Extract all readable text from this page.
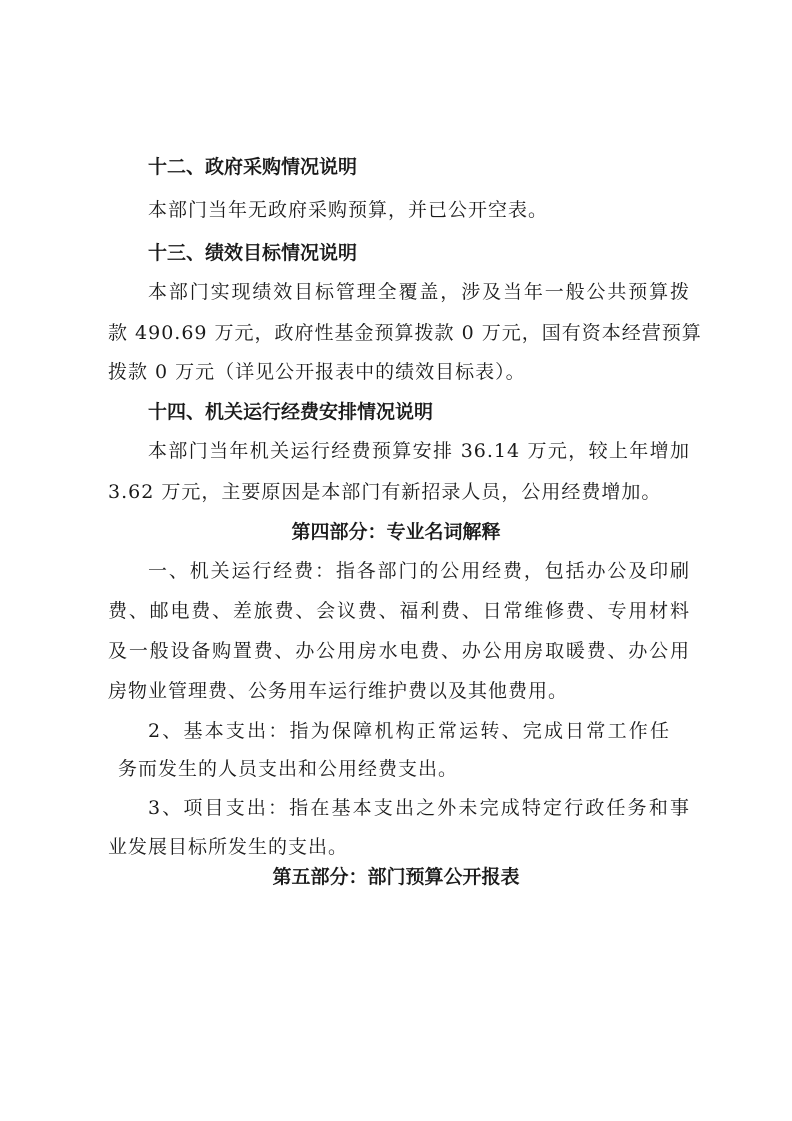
十二、政府采购情况说明

本部门当年无政府采购预算，并已公开空表。

十三、绩效目标情况说明

本部门实现绩效目标管理全覆盖，涉及当年一般公共预算拨

款 490.69 万元，政府性基金预算拨款 0 万元，国有资本经营预算

拨款 0 万元（详见公开报表中的绩效目标表）。

十四、机关运行经费安排情况说明

本部门当年机关运行经费预算安排 36.14 万元，较上年增加

3.62 万元，主要原因是本部门有新招录人员，公用经费增加。

第四部分：专业名词解释

一、机关运行经费：指各部门的公用经费，包括办公及印刷

费、邮电费、差旅费、会议费、福利费、日常维修费、专用材料

及一般设备购置费、办公用房水电费、办公用房取暖费、办公用

房物业管理费、公务用车运行维护费以及其他费用。

2、基本支出：指为保障机构正常运转、完成日常工作任

务而发生的人员支出和公用经费支出。

3、项目支出：指在基本支出之外未完成特定行政任务和事

业发展目标所发生的支出。

第五部分：部门预算公开报表
